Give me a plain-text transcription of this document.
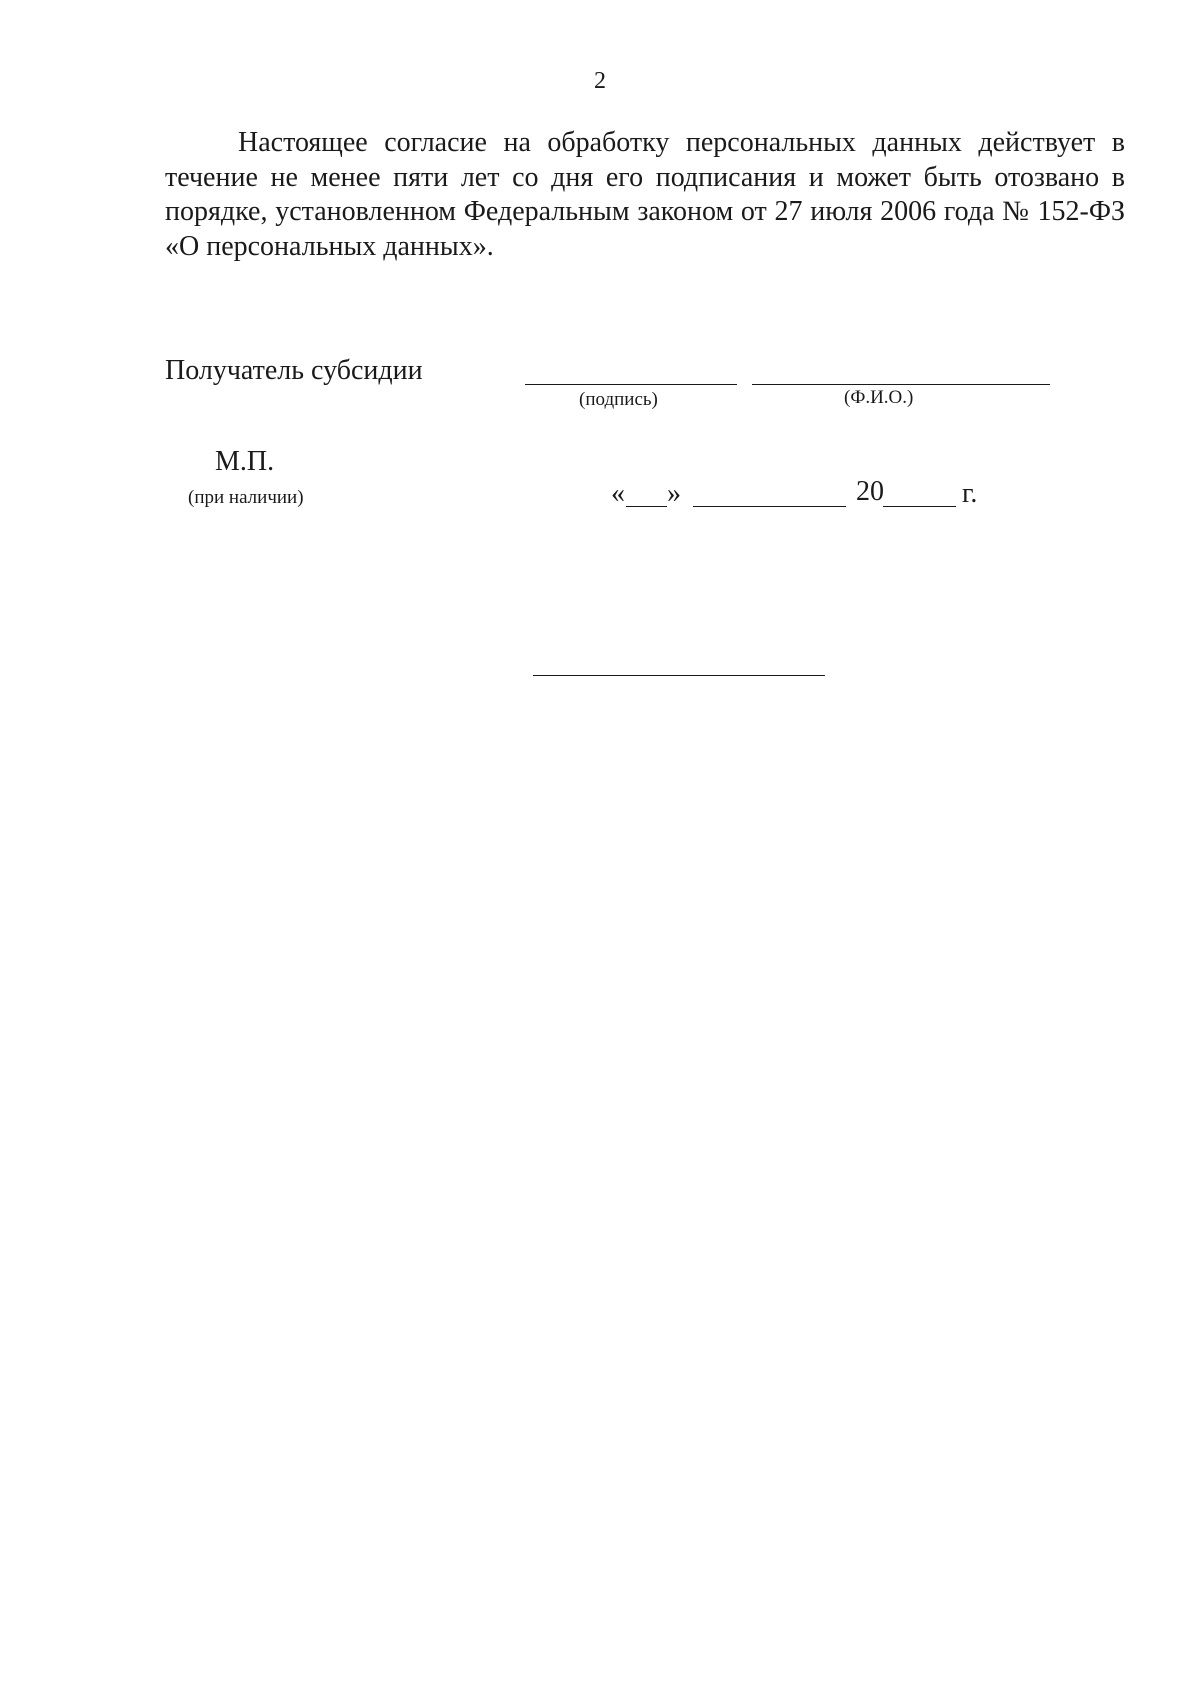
2

Настоящее согласие на обработку персональных данных действует в течение не менее пяти лет со дня его подписания и может быть отозвано в порядке, установленном Федеральным законом от 27 июля 2006 года № 152-ФЗ «О персональных данных».

Получатель субсидии
(подпись)	(Ф.И.О.)
М.П.
(при наличии)	« »	20	г.
